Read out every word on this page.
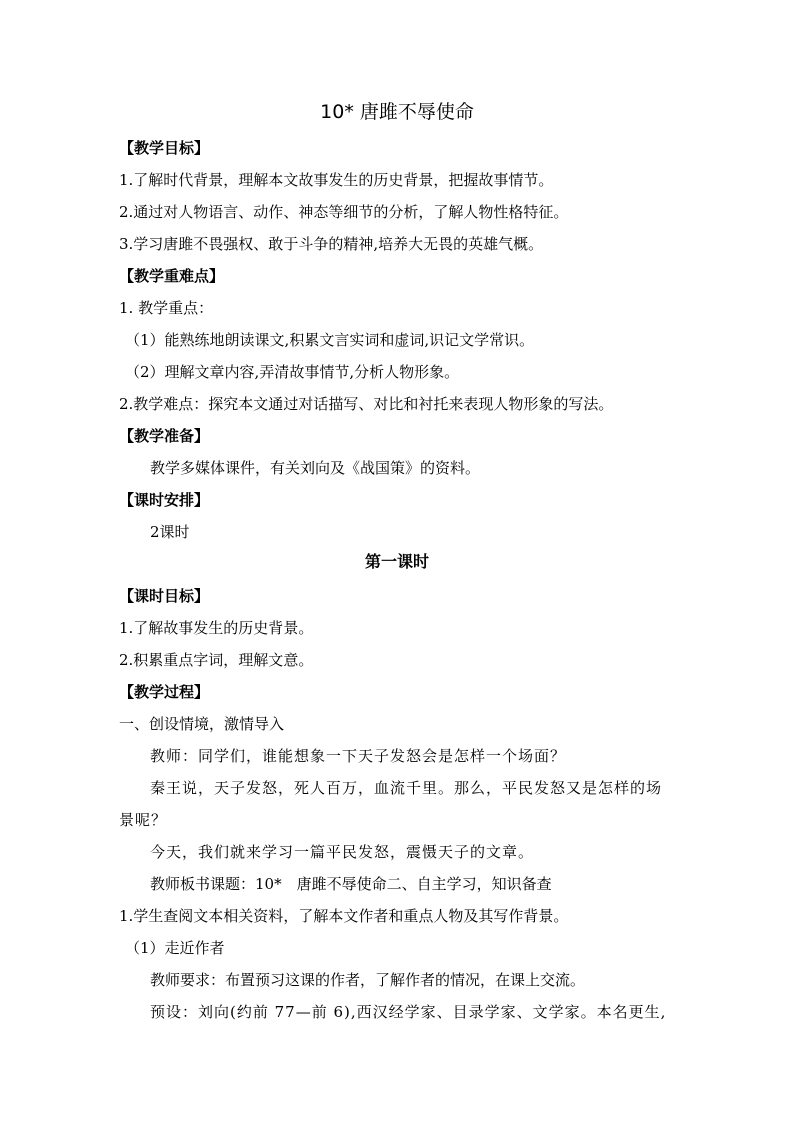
10* 唐雎不辱使命
【教学目标】
1.了解时代背景，理解本文故事发生的历史背景，把握故事情节。
2.通过对人物语言、动作、神态等细节的分析，了解人物性格特征。
3.学习唐雎不畏强权、敢于斗争的精神,培养大无畏的英雄气概。
【教学重难点】
1. 教学重点：
（1）能熟练地朗读课文,积累文言实词和虚词,识记文学常识。
（2）理解文章内容,弄清故事情节,分析人物形象。
2.教学难点：探究本文通过对话描写、对比和衬托来表现人物形象的写法。
【教学准备】
教学多媒体课件，有关刘向及《战国策》的资料。
【课时安排】
2课时
第一课时
【课时目标】
1.了解故事发生的历史背景。
2.积累重点字词，理解文意。
【教学过程】
一、创设情境，激情导入
教师：同学们，谁能想象一下天子发怒会是怎样一个场面？
秦王说，天子发怒，死人百万，血流千里。那么，平民发怒又是怎样的场
景呢？
今天，我们就来学习一篇平民发怒，震慑天子的文章。
教师板书课题：10*　唐雎不辱使命二、自主学习，知识备查
1.学生查阅文本相关资料，了解本文作者和重点人物及其写作背景。
（1）走近作者
教师要求：布置预习这课的作者，了解作者的情况，在课上交流。
预设：刘向(约前 77—前 6),西汉经学家、目录学家、文学家。本名更生,
